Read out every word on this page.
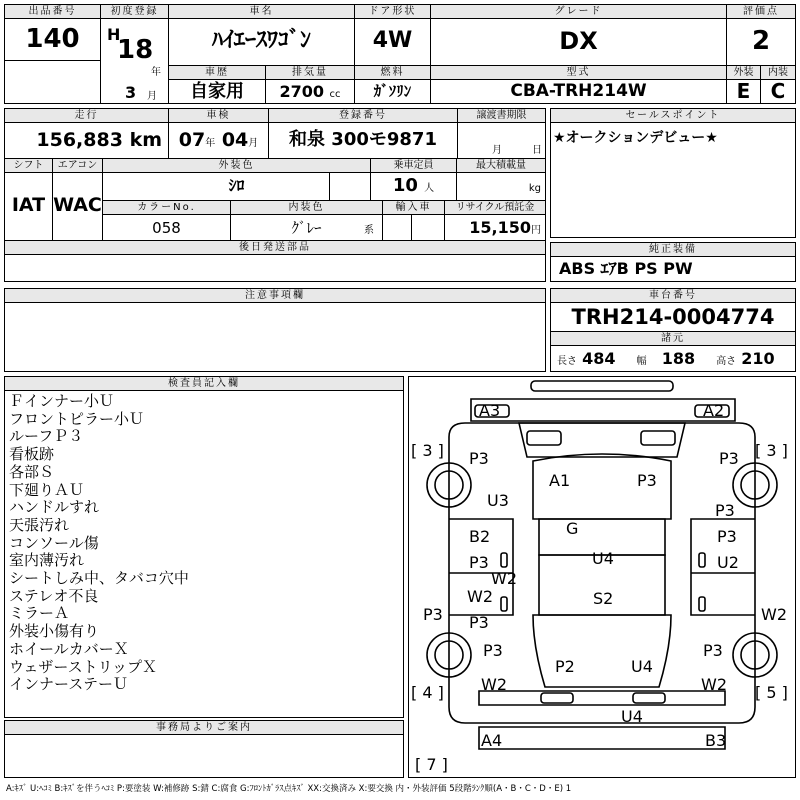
出品番号
140
初度登録
H
18
年
3 月
車名
ﾊｲｴｰｽﾜｺﾞﾝ
ドア形状
4W
グレード
DX
評価点
2
車歴
自家用
排気量
2700 cc
燃料
ｶﾞｿﾘﾝ
型式
CBA-TRH214W
外装
E
内装
C
走行
156,883 km
車検
07年 04月
登録番号
和泉 300モ9871
譲渡書期限
月	日
シフト
IAT
エアコン
WAC
外装色
ｼﾛ
乗車定員
10 人
最大積載量
kg
カラーNo.
058
内装色
ｸﾞﾚｰ	系
輸入車	リサイクル預託金
15,150円
後日発送部品
セールスポイント
★オークションデビュー★
純正装備
ABS ｴｱB PS PW
注意事項欄	車台番号
TRH214-0004774
諸元
長さ 484 幅 188 高さ 210
検査員記入欄
Ｆインナー小Ｕ
フロントピラー小Ｕ
ルーフＰ３
看板跡
各部Ｓ
下廻りＡＵ
ハンドルすれ
天張汚れ
コンソール傷
室内薄汚れ
シートしみ中、タバコ穴中
ステレオ不良
ミラーＡ
外装小傷有り
ホイールカバーＸ
ウェザーストリップＸ
インナーステーＵ
事務局よりご案内
A3	A2
P3
A1	P3
P3
U3
B2	G	P3
P3	U4	U2
W2
W2	S2
P3
P3	W2
P3	P3
P2	U4
P3
W2	W2
U4
A4	B3
[ 3 ]	[ 3 ]
[ 4 ]	[ 5 ]
[ 7 ]
A:ｷｽﾞ U:ﾍｺﾐ B:ｷｽﾞを伴うﾍｺﾐ P:要塗装 W:補修跡 S:錆 C:腐食 G:ﾌﾛﾝﾄｶﾞﾗｽ点ｷｽﾞ XX:交換済み X:要交換 内・外装評価 5段階ﾗﾝｸ順(A・B・C・D・E) 1
